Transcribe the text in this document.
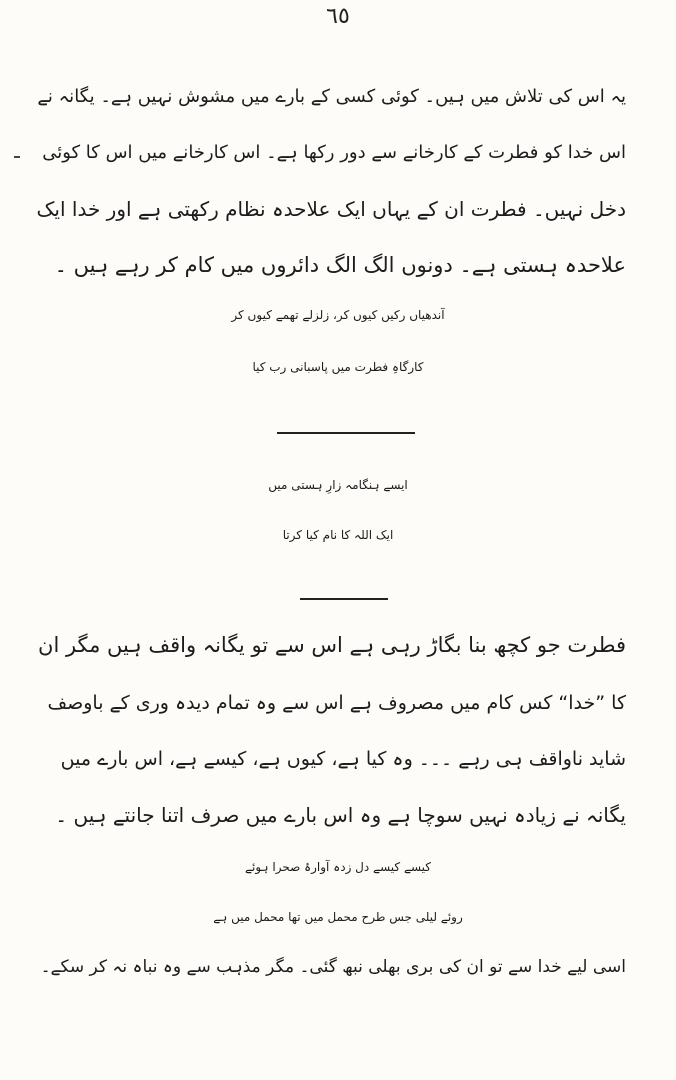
٦٥
یہ اس کی تلاش میں ہیں۔ کوئی کسی کے بارے میں مشوش نہیں ہے۔ یگانہ نے
اس خدا کو فطرت کے کارخانے سے دور رکھا ہے۔ اس کارخانے میں اس کا کوئی
دخل نہیں۔ فطرت ان کے یہاں ایک علاحدہ نظام رکھتی ہے اور خدا ایک
علاحدہ ہستی ہے۔ دونوں الگ الگ دائروں میں کام کر رہے ہیں ۔
آندھیاں رکیں کیوں کر، زلزلے تھمے کیوں کر
کارگاہِ فطرت میں پاسبانی رب کیا
ایسے ہنگامہ زارِ ہستی میں
ایک اللہ کا نام کیا کرتا
فطرت جو کچھ بنا بگاڑ رہی ہے اس سے تو یگانہ واقف ہیں مگر ان
کا ”خدا“ کس کام میں مصروف ہے اس سے وہ تمام دیدہ وری کے باوصف
شاید ناواقف ہی رہے ۔۔۔ وہ کیا ہے، کیوں ہے، کیسے ہے، اس بارے میں
یگانہ نے زیادہ نہیں سوچا ہے وہ اس بارے میں صرف اتنا جانتے ہیں ۔
کیسے کیسے دل زدہ آوارۂ صحرا ہوئے
روئے لیلی جس طرح محمل میں تھا محمل میں ہے
اسی لیے خدا سے تو ان کی بری بھلی نبھ گئی۔ مگر مذہب سے وہ نباہ نہ کر سکے۔
